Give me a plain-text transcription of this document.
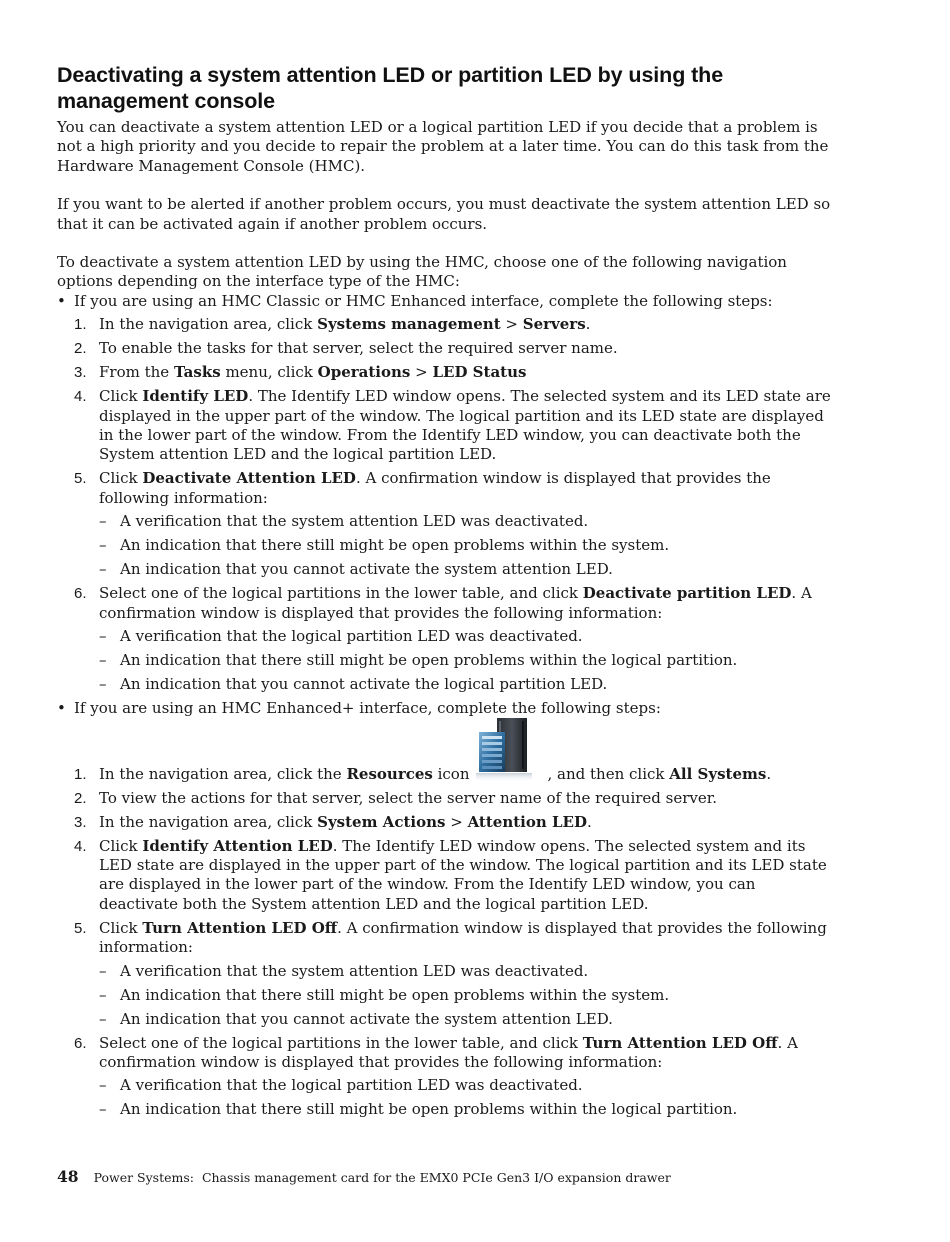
Deactivating a system attention LED or partition LED by using the management console

You can deactivate a system attention LED or a logical partition LED if you decide that a problem is not a high priority and you decide to repair the problem at a later time. You can do this task from the Hardware Management Console (HMC).

If you want to be alerted if another problem occurs, you must deactivate the system attention LED so that it can be activated again if another problem occurs.

To deactivate a system attention LED by using the HMC, choose one of the following navigation options depending on the interface type of the HMC:

• If you are using an HMC Classic or HMC Enhanced interface, complete the following steps:
1. In the navigation area, click Systems management > Servers.
2. To enable the tasks for that server, select the required server name.
3. From the Tasks menu, click Operations > LED Status
4. Click Identify LED. The Identify LED window opens. The selected system and its LED state are displayed in the upper part of the window. The logical partition and its LED state are displayed in the lower part of the window. From the Identify LED window, you can deactivate both the System attention LED and the logical partition LED.
5. Click Deactivate Attention LED. A confirmation window is displayed that provides the following information:
– A verification that the system attention LED was deactivated.
– An indication that there still might be open problems within the system.
– An indication that you cannot activate the system attention LED.
6. Select one of the logical partitions in the lower table, and click Deactivate partition LED. A confirmation window is displayed that provides the following information:
– A verification that the logical partition LED was deactivated.
– An indication that there still might be open problems within the logical partition.
– An indication that you cannot activate the logical partition LED.
• If you are using an HMC Enhanced+ interface, complete the following steps:
1. In the navigation area, click the Resources icon	, and then click All Systems.
2. To view the actions for that server, select the server name of the required server.
3. In the navigation area, click System Actions > Attention LED.
4. Click Identify Attention LED. The Identify LED window opens. The selected system and its LED state are displayed in the upper part of the window. The logical partition and its LED state are displayed in the lower part of the window. From the Identify LED window, you can deactivate both the System attention LED and the logical partition LED.
5. Click Turn Attention LED Off. A confirmation window is displayed that provides the following information:
– A verification that the system attention LED was deactivated.
– An indication that there still might be open problems within the system.
– An indication that you cannot activate the system attention LED.
6. Select one of the logical partitions in the lower table, and click Turn Attention LED Off. A confirmation window is displayed that provides the following information:
– A verification that the logical partition LED was deactivated.
– An indication that there still might be open problems within the logical partition.
48 Power Systems:  Chassis management card for the EMX0 PCIe Gen3 I/O expansion drawer
